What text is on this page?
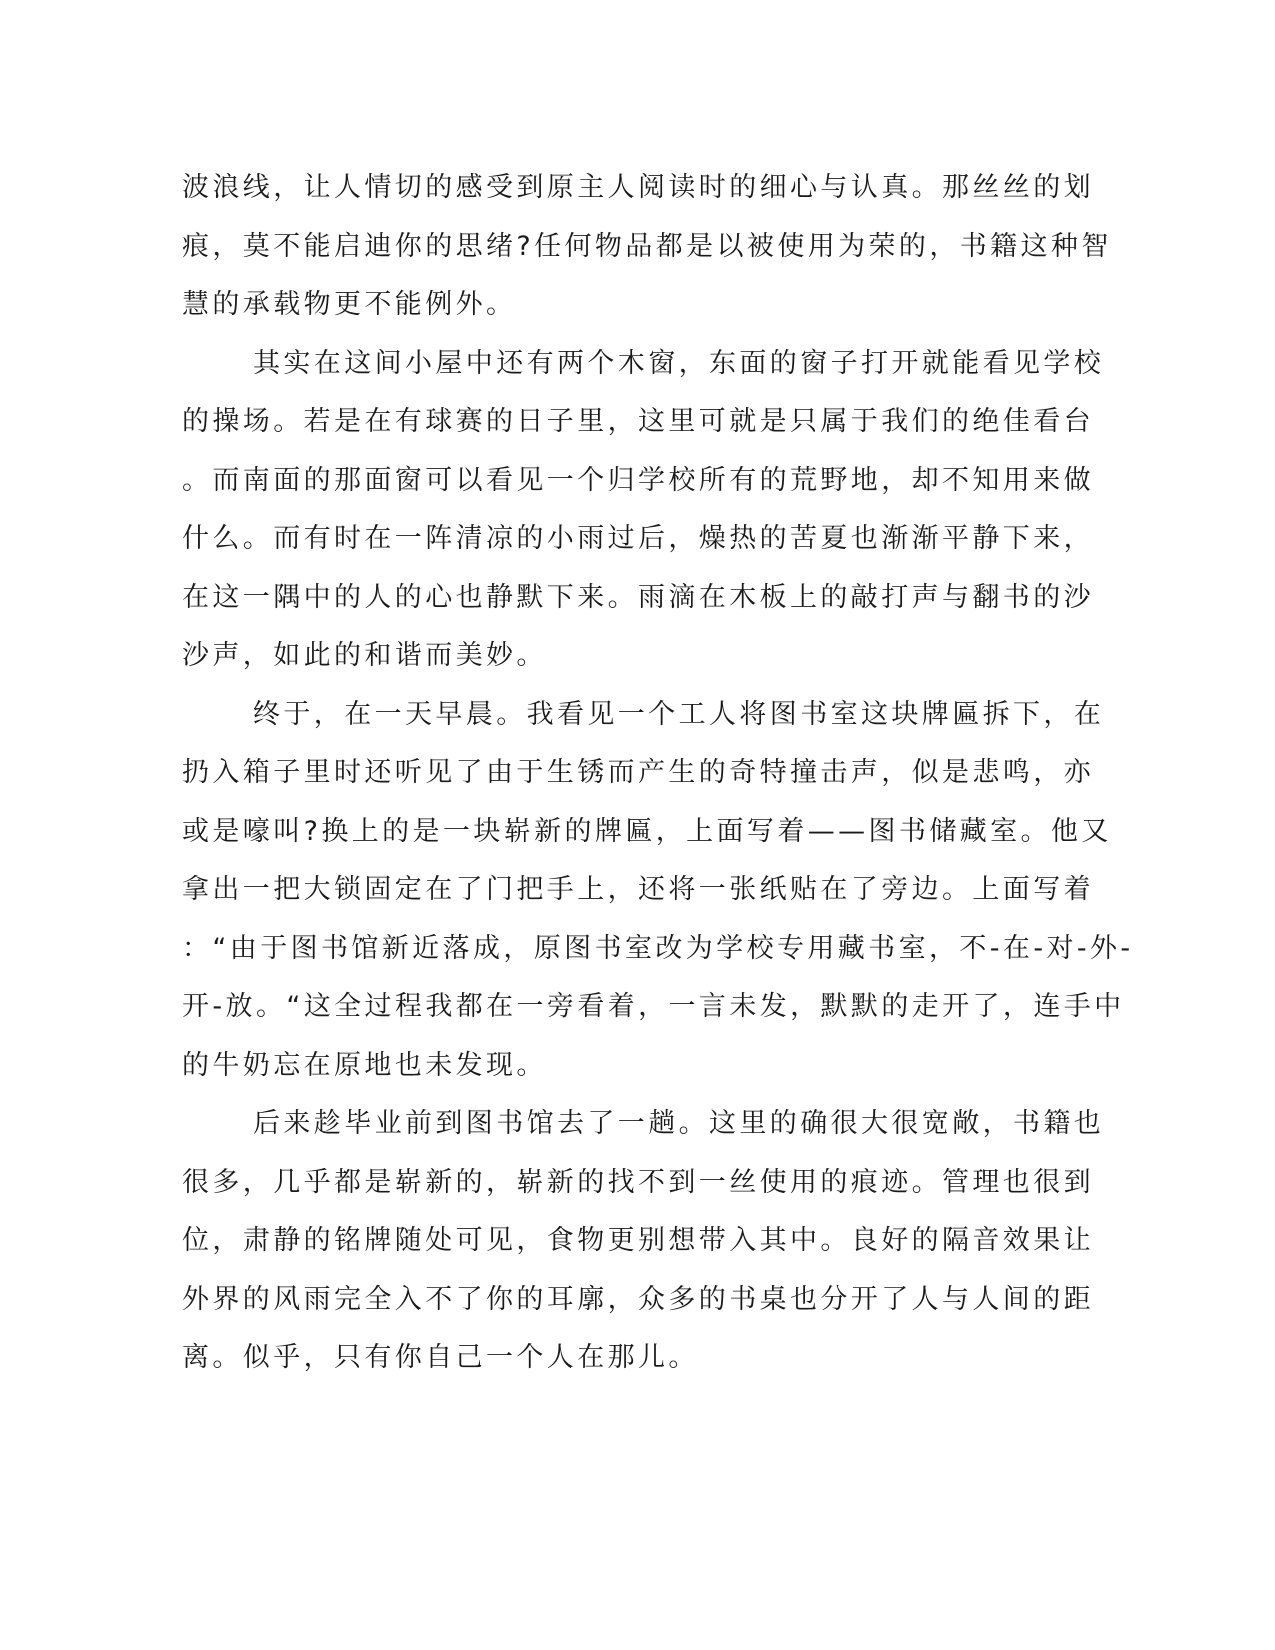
波浪线，让人情切的感受到原主人阅读时的细心与认真。那丝丝的划
痕，莫不能启迪你的思绪?任何物品都是以被使用为荣的，书籍这种智
慧的承载物更不能例外。
其实在这间小屋中还有两个木窗，东面的窗子打开就能看见学校
的操场。若是在有球赛的日子里，这里可就是只属于我们的绝佳看台
。而南面的那面窗可以看见一个归学校所有的荒野地，却不知用来做
什么。而有时在一阵清凉的小雨过后，燥热的苦夏也渐渐平静下来，
在这一隅中的人的心也静默下来。雨滴在木板上的敲打声与翻书的沙
沙声，如此的和谐而美妙。
终于，在一天早晨。我看见一个工人将图书室这块牌匾拆下，在
扔入箱子里时还听见了由于生锈而产生的奇特撞击声，似是悲鸣，亦
或是嚎叫?换上的是一块崭新的牌匾，上面写着——图书储藏室。他又
拿出一把大锁固定在了门把手上，还将一张纸贴在了旁边。上面写着
：“由于图书馆新近落成，原图书室改为学校专用藏书室，不-在-对-外-
开-放。“这全过程我都在一旁看着，一言未发，默默的走开了，连手中
的牛奶忘在原地也未发现。
后来趁毕业前到图书馆去了一趟。这里的确很大很宽敞，书籍也
很多，几乎都是崭新的，崭新的找不到一丝使用的痕迹。管理也很到
位，肃静的铭牌随处可见，食物更别想带入其中。良好的隔音效果让
外界的风雨完全入不了你的耳廓，众多的书桌也分开了人与人间的距
离。似乎，只有你自己一个人在那儿。
